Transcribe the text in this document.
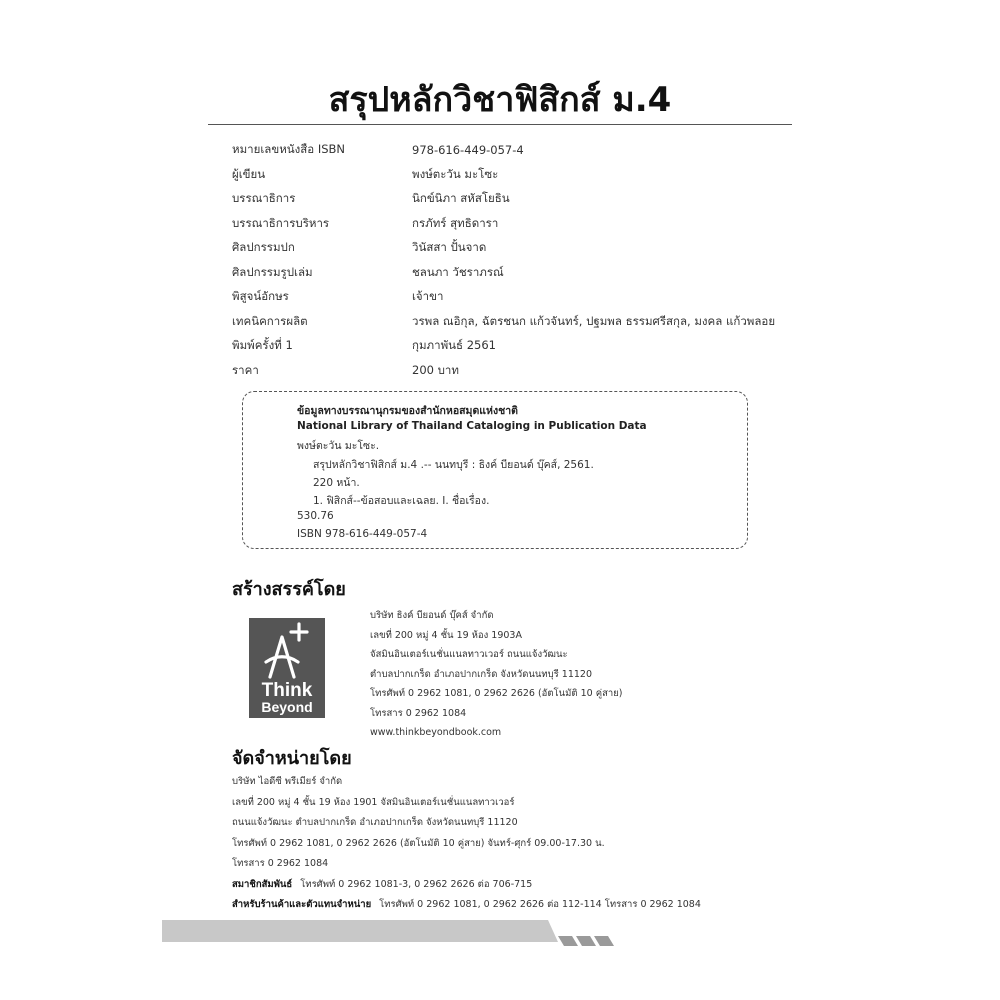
สรุปหลักวิชาฟิสิกส์ ม.4
หมายเลขหนังสือ ISBN	978-616-449-057-4
ผู้เขียน	พงษ์ตะวัน มะโซะ
บรรณาธิการ	นิกข์นิภา สหัสโยธิน
บรรณาธิการบริหาร	กรภัทร์ สุทธิดารา
ศิลปกรรมปก	วินัสสา ปั้นจาด
ศิลปกรรมรูปเล่ม	ชลนภา วัชราภรณ์
พิสูจน์อักษร	เจ้าขา
เทคนิคการผลิต	วรพล ณอิกุล, ฉัตรชนก แก้วจันทร์, ปฐมพล ธรรมศรีสกุล, มงคล แก้วพลอย
พิมพ์ครั้งที่ 1	กุมภาพันธ์ 2561
ราคา	200 บาท
ข้อมูลทางบรรณานุกรมของสำนักหอสมุดแห่งชาติ
National Library of Thailand Cataloging in Publication Data
พงษ์ตะวัน มะโซะ.
สรุปหลักวิชาฟิสิกส์ ม.4 .-- นนทบุรี : ธิงค์ บียอนด์ บุ๊คส์, 2561.
220 หน้า.
1. ฟิสิกส์--ข้อสอบและเฉลย. I. ชื่อเรื่อง.
530.76
ISBN 978-616-449-057-4
สร้างสรรค์โดย
Think
Beyond
บริษัท ธิงค์ บียอนด์ บุ๊คส์ จำกัด
เลขที่ 200 หมู่ 4 ชั้น 19 ห้อง 1903A
จัสมินอินเตอร์เนชั่นแนลทาวเวอร์ ถนนแจ้งวัฒนะ
ตำบลปากเกร็ด อำเภอปากเกร็ด จังหวัดนนทบุรี 11120
โทรศัพท์ 0 2962 1081, 0 2962 2626 (อัตโนมัติ 10 คู่สาย)
โทรสาร 0 2962 1084
www.thinkbeyondbook.com
จัดจำหน่ายโดย
บริษัท ไอดีซี พรีเมียร์ จำกัด
เลขที่ 200 หมู่ 4 ชั้น 19 ห้อง 1901 จัสมินอินเตอร์เนชั่นแนลทาวเวอร์
ถนนแจ้งวัฒนะ ตำบลปากเกร็ด อำเภอปากเกร็ด จังหวัดนนทบุรี 11120
โทรศัพท์ 0 2962 1081, 0 2962 2626 (อัตโนมัติ 10 คู่สาย) จันทร์-ศุกร์ 09.00-17.30 น.
โทรสาร 0 2962 1084
สมาชิกสัมพันธ์ โทรศัพท์ 0 2962 1081-3, 0 2962 2626 ต่อ 706-715
สำหรับร้านค้าและตัวแทนจำหน่าย โทรศัพท์ 0 2962 1081, 0 2962 2626 ต่อ 112-114 โทรสาร 0 2962 1084
